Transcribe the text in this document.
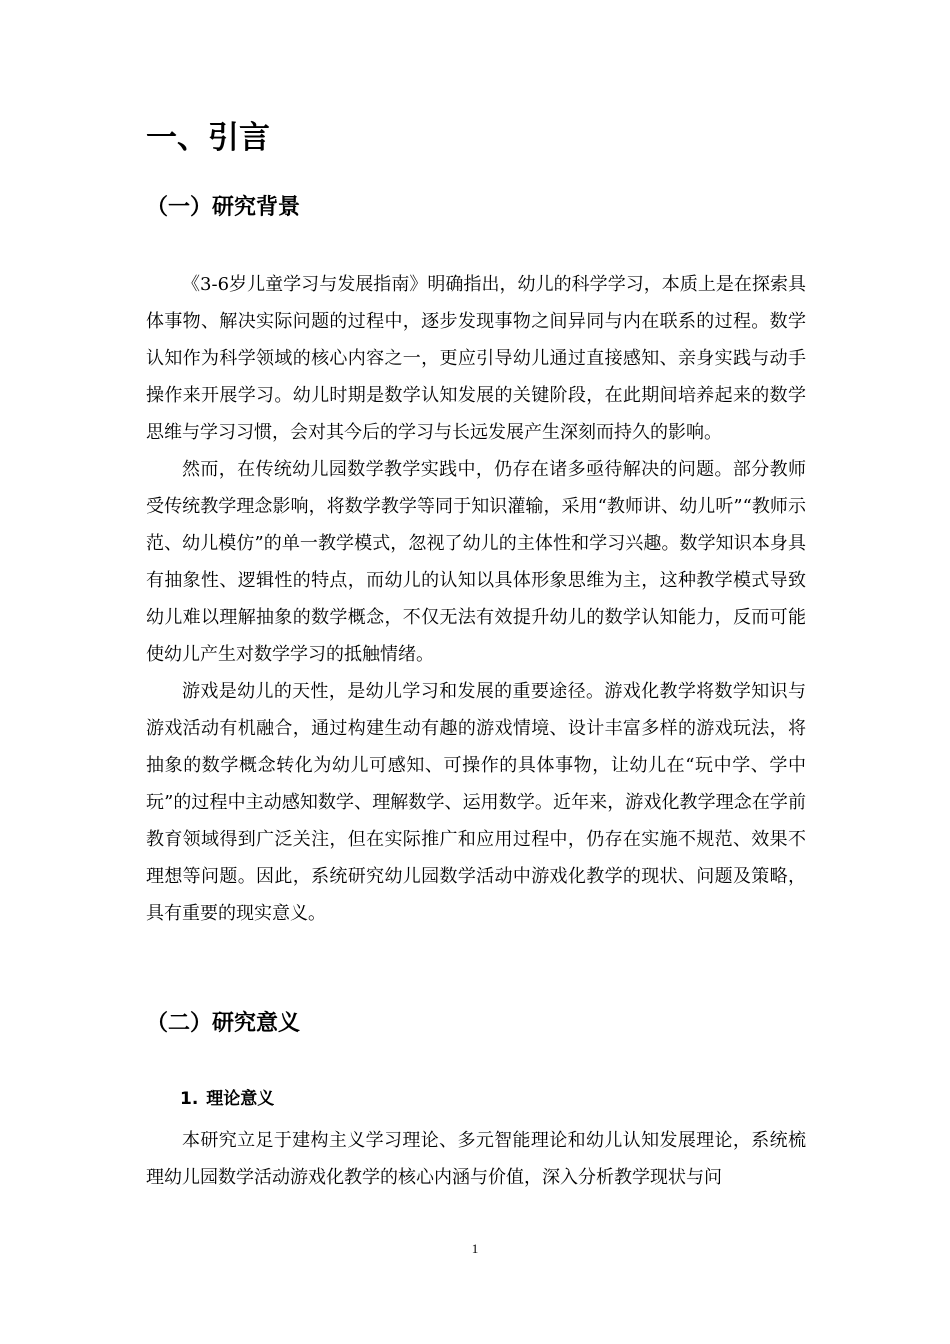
一、引言
（一）研究背景

《3-6岁儿童学习与发展指南》明确指出，幼儿的科学学习，本质上是在探索具体事物、解决实际问题的过程中，逐步发现事物之间异同与内在联系的过程。数学认知作为科学领域的核心内容之一，更应引导幼儿通过直接感知、亲身实践与动手操作来开展学习。幼儿时期是数学认知发展的关键阶段，在此期间培养起来的数学思维与学习习惯，会对其今后的学习与长远发展产生深刻而持久的影响。

然而，在传统幼儿园数学教学实践中，仍存在诸多亟待解决的问题。部分教师受传统教学理念影响，将数学教学等同于知识灌输，采用“教师讲、幼儿听”“教师示范、幼儿模仿”的单一教学模式，忽视了幼儿的主体性和学习兴趣。数学知识本身具有抽象性、逻辑性的特点，而幼儿的认知以具体形象思维为主，这种教学模式导致幼儿难以理解抽象的数学概念，不仅无法有效提升幼儿的数学认知能力，反而可能使幼儿产生对数学学习的抵触情绪。

游戏是幼儿的天性，是幼儿学习和发展的重要途径。游戏化教学将数学知识与游戏活动有机融合，通过构建生动有趣的游戏情境、设计丰富多样的游戏玩法，将抽象的数学概念转化为幼儿可感知、可操作的具体事物，让幼儿在“玩中学、学中玩”的过程中主动感知数学、理解数学、运用数学。近年来，游戏化教学理念在学前教育领域得到广泛关注，但在实际推广和应用过程中，仍存在实施不规范、效果不理想等问题。因此，系统研究幼儿园数学活动中游戏化教学的现状、问题及策略，具有重要的现实意义。

（二）研究意义
1. 理论意义

本研究立足于建构主义学习理论、多元智能理论和幼儿认知发展理论，系统梳理幼儿园数学活动游戏化教学的核心内涵与价值，深入分析教学现状与问

1
